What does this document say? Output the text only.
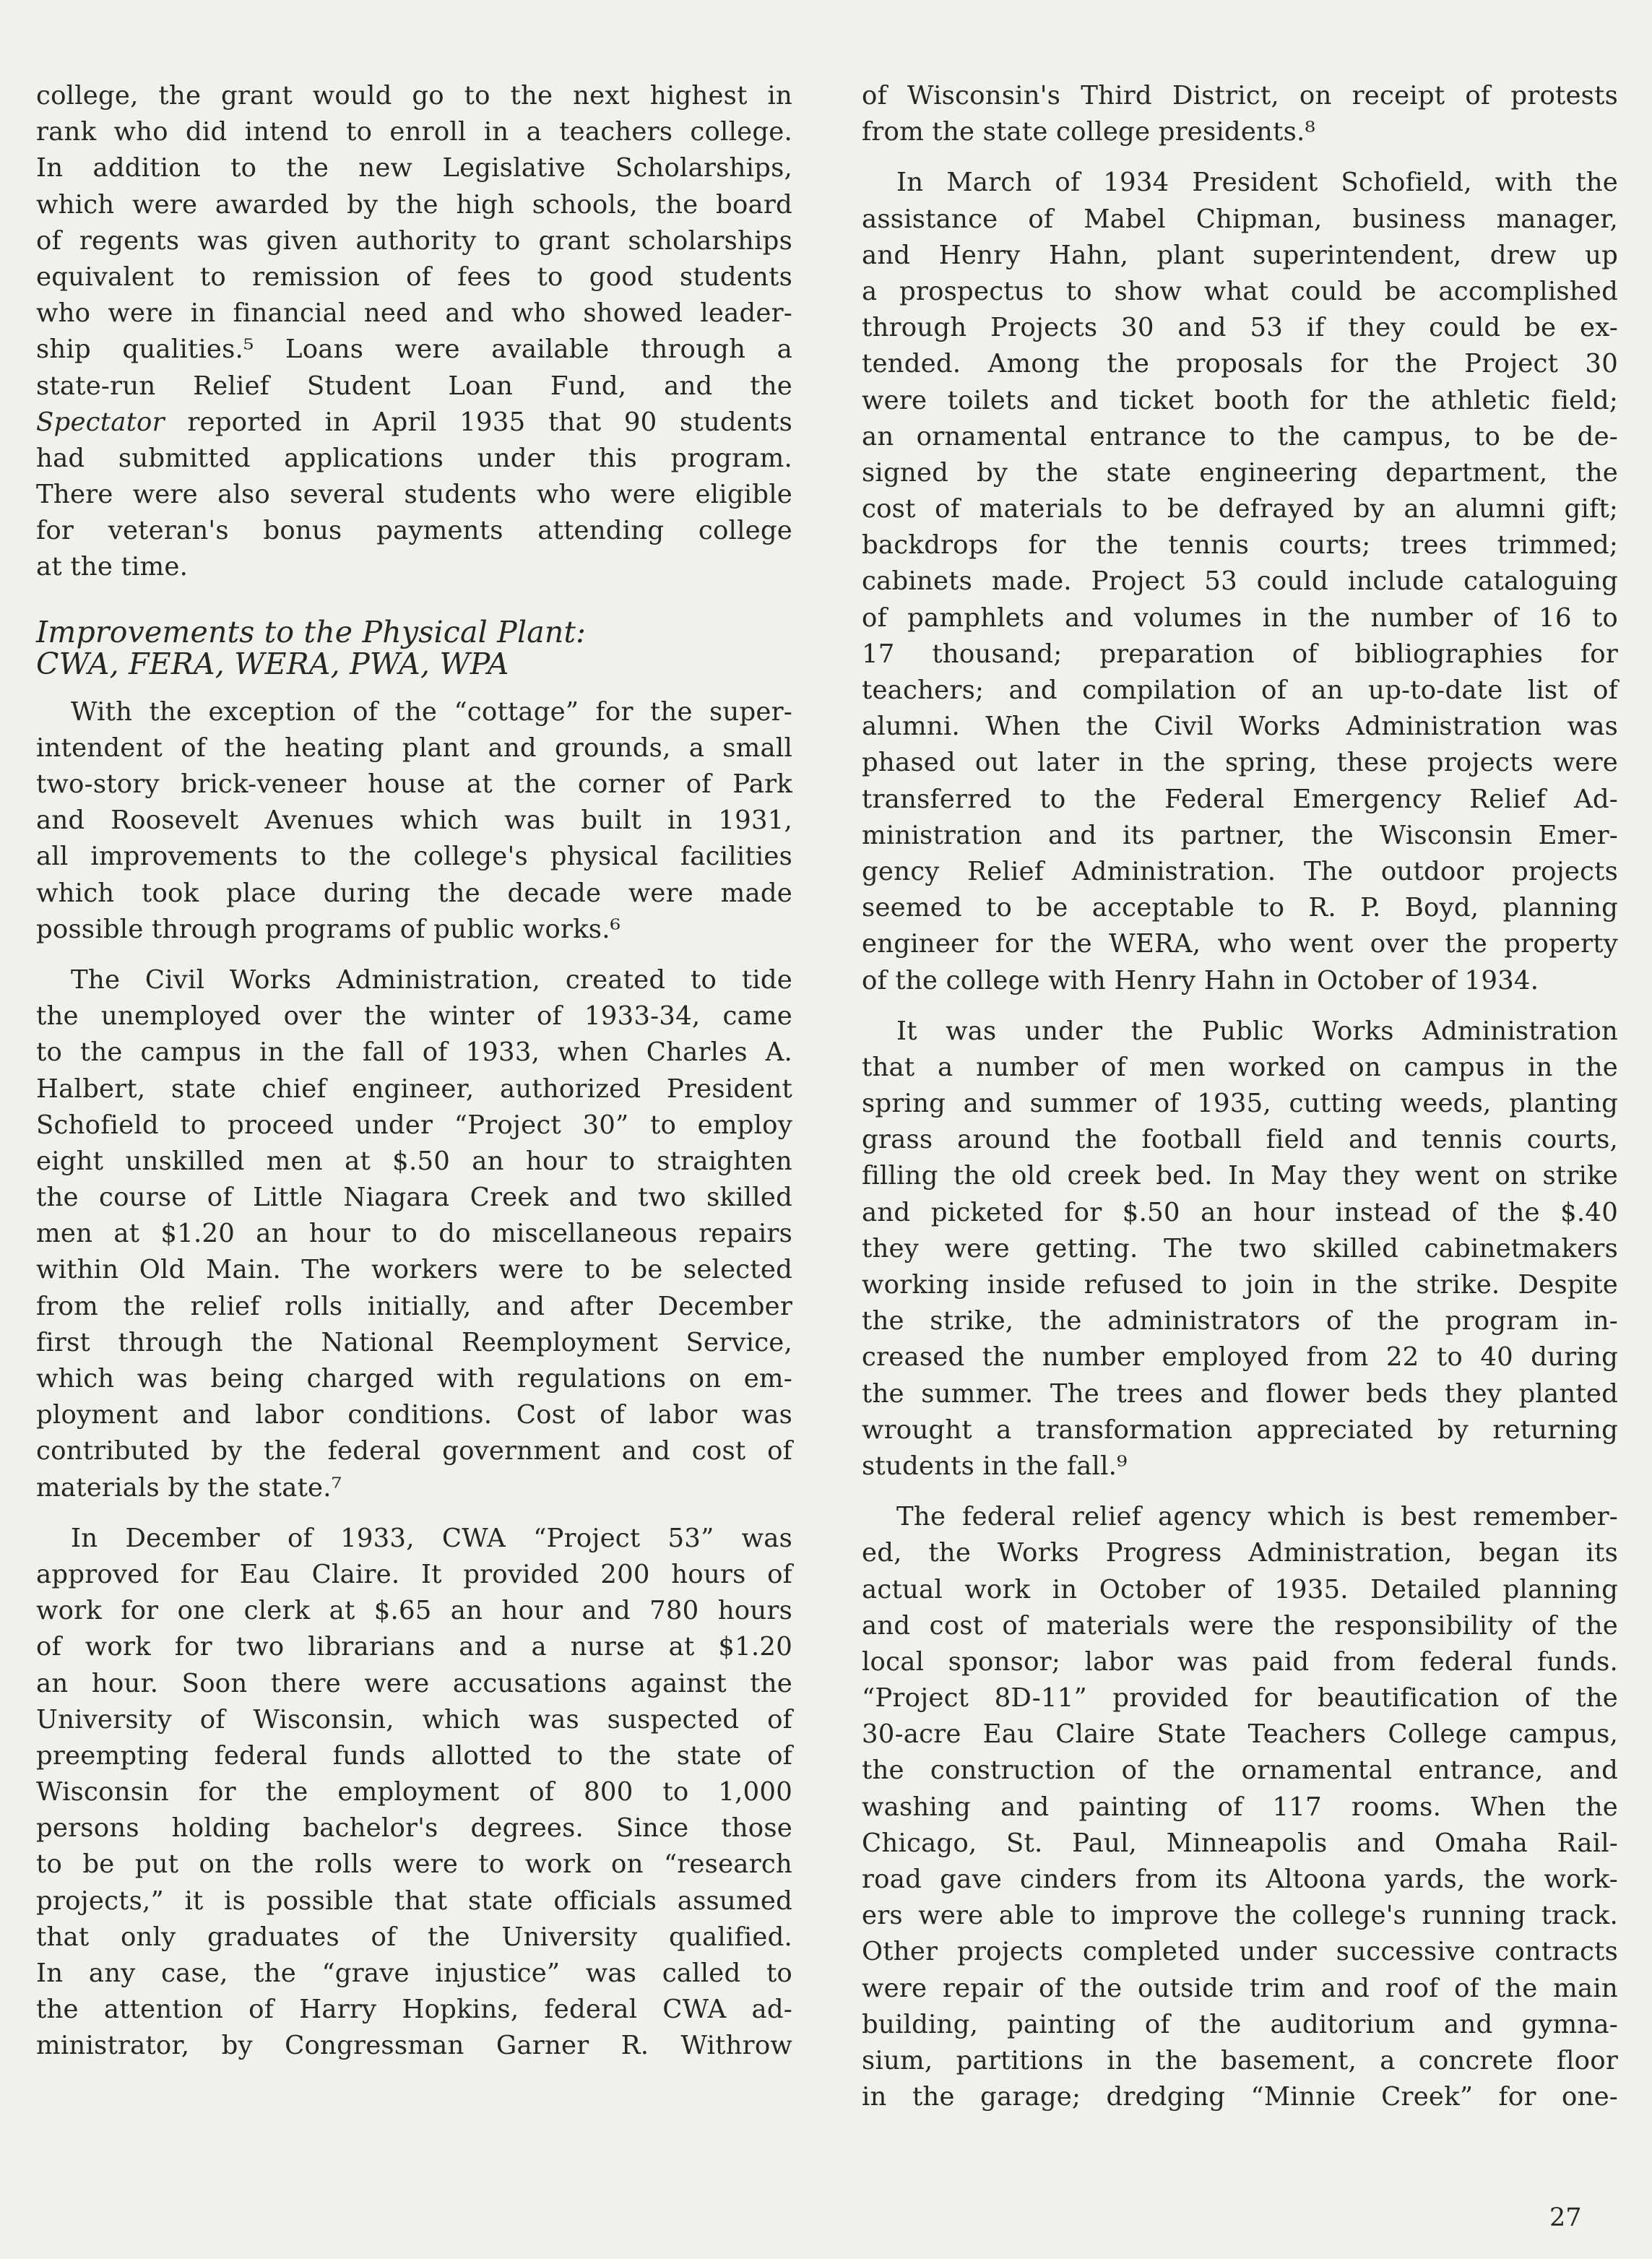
college, the grant would go to the next highest in
rank who did intend to enroll in a teachers college.
In addition to the new Legislative Scholarships,
which were awarded by the high schools, the board
of regents was given authority to grant scholarships
equivalent to remission of fees to good students
who were in financial need and who showed leader-
ship qualities.⁵ Loans were available through a
state-run Relief Student Loan Fund, and the
Spectator reported in April 1935 that 90 students
had submitted applications under this program.
There were also several students who were eligible
for veteran's bonus payments attending college
at the time.
Improvements to the Physical Plant:
CWA, FERA, WERA, PWA, WPA
With the exception of the “cottage” for the super-
intendent of the heating plant and grounds, a small
two-story brick-veneer house at the corner of Park
and Roosevelt Avenues which was built in 1931,
all improvements to the college's physical facilities
which took place during the decade were made
possible through programs of public works.⁶
The Civil Works Administration, created to tide
the unemployed over the winter of 1933-34, came
to the campus in the fall of 1933, when Charles A.
Halbert, state chief engineer, authorized President
Schofield to proceed under “Project 30” to employ
eight unskilled men at $.50 an hour to straighten
the course of Little Niagara Creek and two skilled
men at $1.20 an hour to do miscellaneous repairs
within Old Main. The workers were to be selected
from the relief rolls initially, and after December
first through the National Reemployment Service,
which was being charged with regulations on em-
ployment and labor conditions. Cost of labor was
contributed by the federal government and cost of
materials by the state.⁷
In December of 1933, CWA “Project 53” was
approved for Eau Claire. It provided 200 hours of
work for one clerk at $.65 an hour and 780 hours
of work for two librarians and a nurse at $1.20
an hour. Soon there were accusations against the
University of Wisconsin, which was suspected of
preempting federal funds allotted to the state of
Wisconsin for the employment of 800 to 1,000
persons holding bachelor's degrees. Since those
to be put on the rolls were to work on “research
projects,” it is possible that state officials assumed
that only graduates of the University qualified.
In any case, the “grave injustice” was called to
the attention of Harry Hopkins, federal CWA ad-
ministrator, by Congressman Garner R. Withrow
of Wisconsin's Third District, on receipt of protests
from the state college presidents.⁸
In March of 1934 President Schofield, with the
assistance of Mabel Chipman, business manager,
and Henry Hahn, plant superintendent, drew up
a prospectus to show what could be accomplished
through Projects 30 and 53 if they could be ex-
tended. Among the proposals for the Project 30
were toilets and ticket booth for the athletic field;
an ornamental entrance to the campus, to be de-
signed by the state engineering department, the
cost of materials to be defrayed by an alumni gift;
backdrops for the tennis courts; trees trimmed;
cabinets made. Project 53 could include cataloguing
of pamphlets and volumes in the number of 16 to
17 thousand; preparation of bibliographies for
teachers; and compilation of an up-to-date list of
alumni. When the Civil Works Administration was
phased out later in the spring, these projects were
transferred to the Federal Emergency Relief Ad-
ministration and its partner, the Wisconsin Emer-
gency Relief Administration. The outdoor projects
seemed to be acceptable to R. P. Boyd, planning
engineer for the WERA, who went over the property
of the college with Henry Hahn in October of 1934.
It was under the Public Works Administration
that a number of men worked on campus in the
spring and summer of 1935, cutting weeds, planting
grass around the football field and tennis courts,
filling the old creek bed. In May they went on strike
and picketed for $.50 an hour instead of the $.40
they were getting. The two skilled cabinetmakers
working inside refused to join in the strike. Despite
the strike, the administrators of the program in-
creased the number employed from 22 to 40 during
the summer. The trees and flower beds they planted
wrought a transformation appreciated by returning
students in the fall.⁹
The federal relief agency which is best remember-
ed, the Works Progress Administration, began its
actual work in October of 1935. Detailed planning
and cost of materials were the responsibility of the
local sponsor; labor was paid from federal funds.
“Project 8D-11” provided for beautification of the
30-acre Eau Claire State Teachers College campus,
the construction of the ornamental entrance, and
washing and painting of 117 rooms. When the
Chicago, St. Paul, Minneapolis and Omaha Rail-
road gave cinders from its Altoona yards, the work-
ers were able to improve the college's running track.
Other projects completed under successive contracts
were repair of the outside trim and roof of the main
building, painting of the auditorium and gymna-
sium, partitions in the basement, a concrete floor
in the garage; dredging “Minnie Creek” for one-
27
